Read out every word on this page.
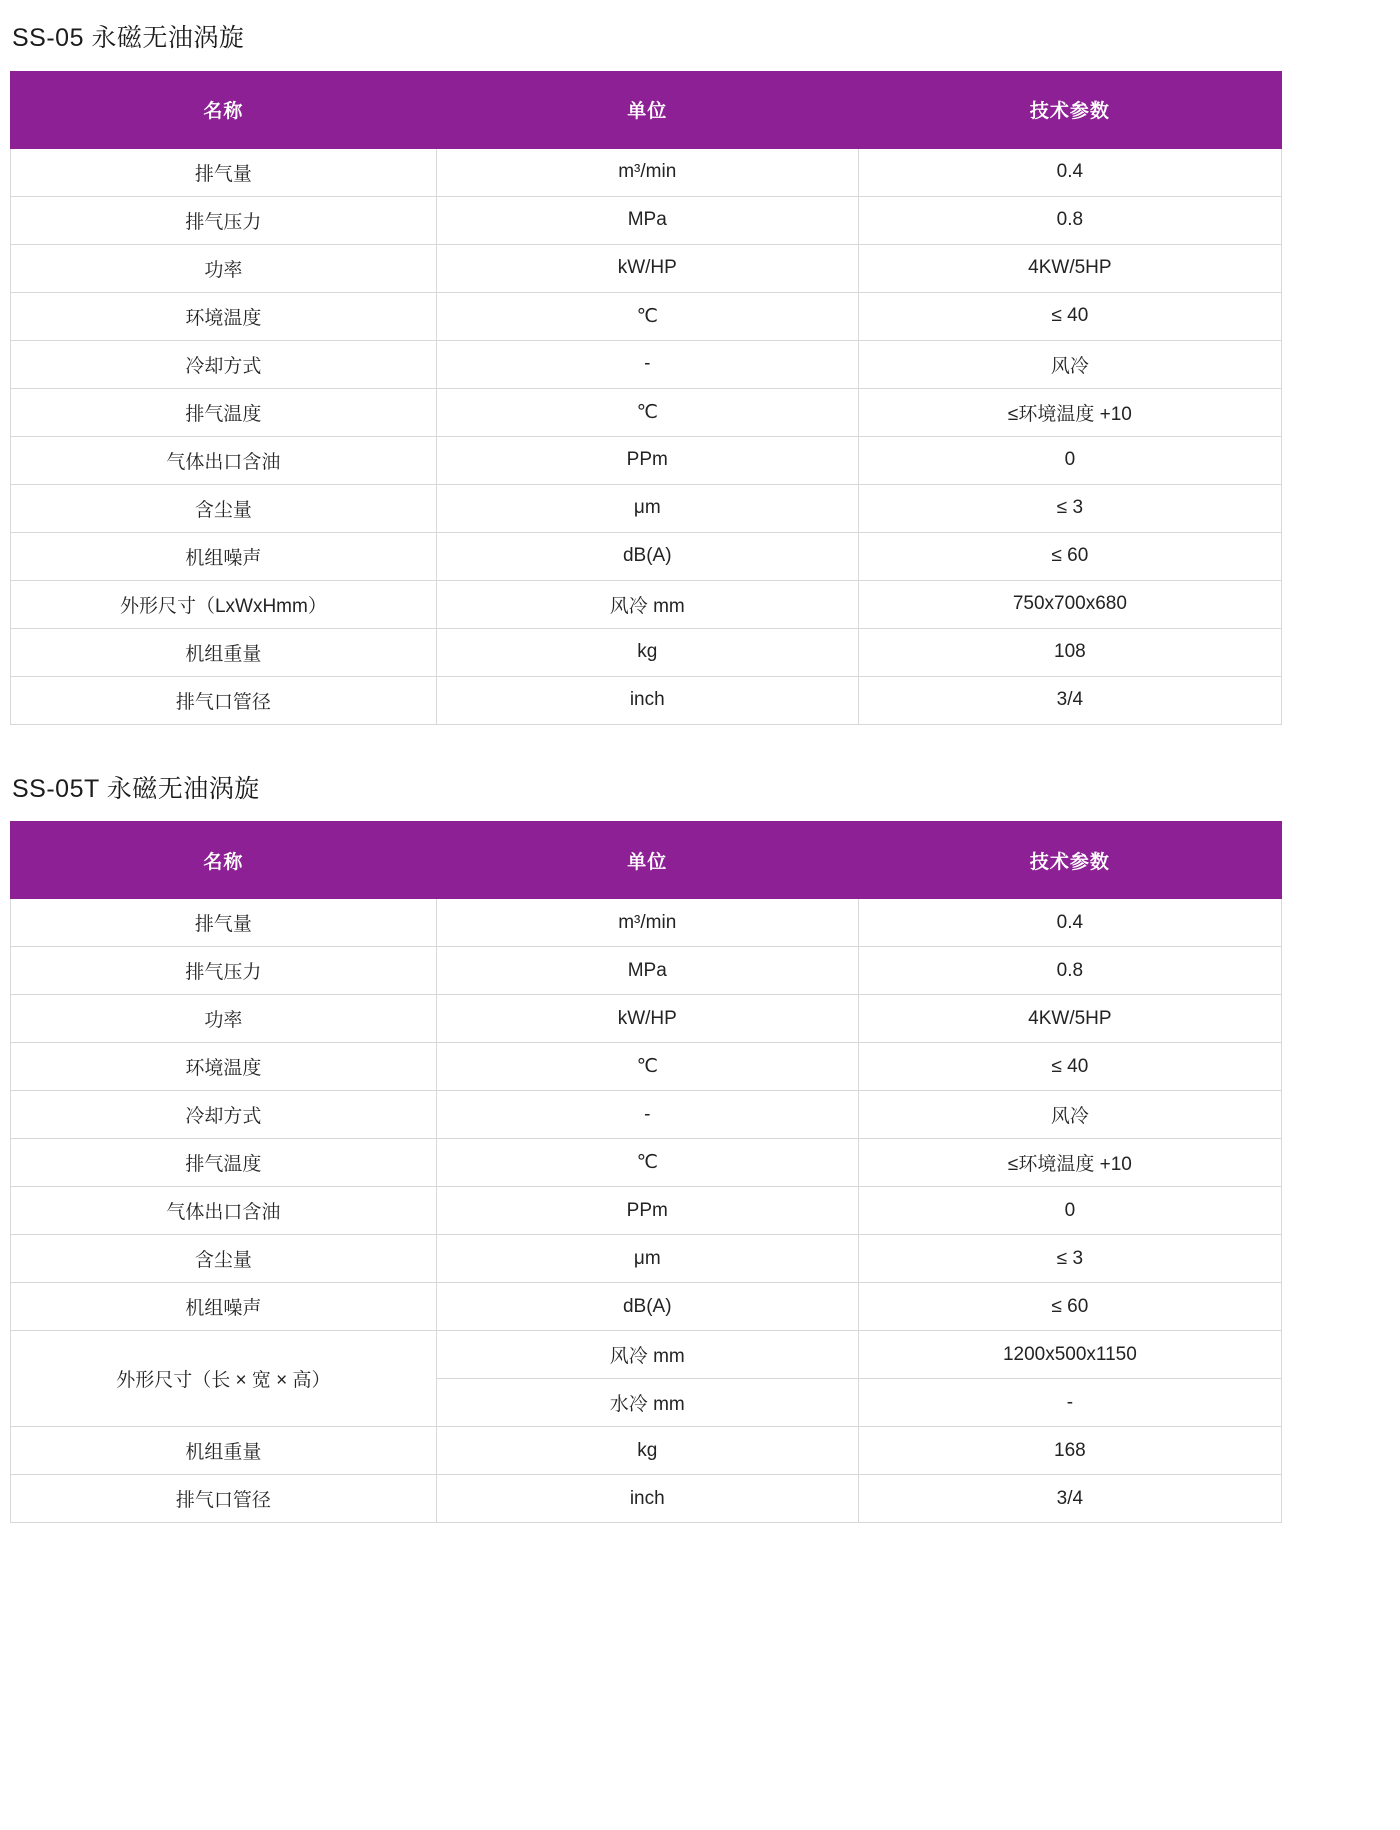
SS-05 永磁无油涡旋
名称	单位	技术参数
排气量	m³/min	0.4
排气压力	MPa	0.8
功率	kW/HP	4KW/5HP
环境温度	℃	≤ 40
冷却方式	-	风冷
排气温度	℃	≤环境温度 +10
气体出口含油	PPm	0
含尘量	μm	≤ 3
机组噪声	dB(A)	≤ 60
外形尺寸（LxWxHmm）	风冷 mm	750x700x680
机组重量	kg	108
排气口管径	inch	3/4
SS-05T 永磁无油涡旋
名称	单位	技术参数
排气量	m³/min	0.4
排气压力	MPa	0.8
功率	kW/HP	4KW/5HP
环境温度	℃	≤ 40
冷却方式	-	风冷
排气温度	℃	≤环境温度 +10
气体出口含油	PPm	0
含尘量	μm	≤ 3
机组噪声	dB(A)	≤ 60
外形尺寸（长 × 宽 × 高）	风冷 mm	1200x500x1150
	水冷 mm	-
机组重量	kg	168
排气口管径	inch	3/4
